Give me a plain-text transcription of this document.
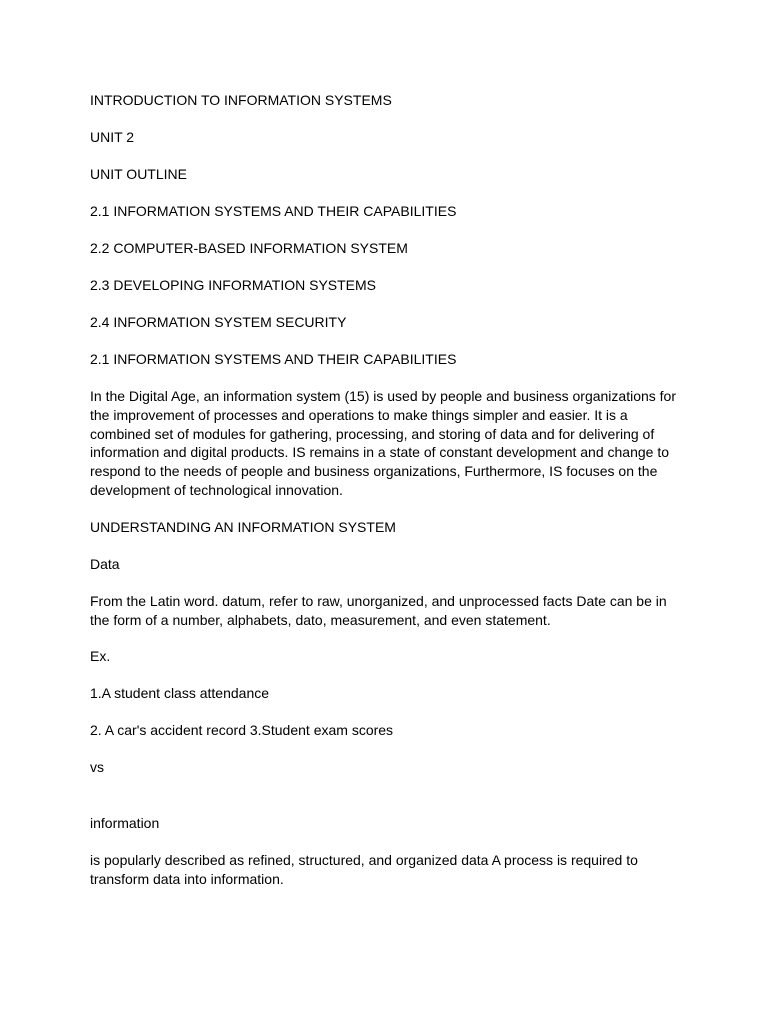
INTRODUCTION TO INFORMATION SYSTEMS
UNIT 2
UNIT OUTLINE
2.1 INFORMATION SYSTEMS AND THEIR CAPABILITIES
2.2 COMPUTER-BASED INFORMATION SYSTEM
2.3 DEVELOPING INFORMATION SYSTEMS
2.4 INFORMATION SYSTEM SECURITY
2.1 INFORMATION SYSTEMS AND THEIR CAPABILITIES
In the Digital Age, an information system (15) is used by people and business organizations for
the improvement of processes and operations to make things simpler and easier. It is a
combined set of modules for gathering, processing, and storing of data and for delivering of
information and digital products. IS remains in a state of constant development and change to
respond to the needs of people and business organizations, Furthermore, IS focuses on the
development of technological innovation.
UNDERSTANDING AN INFORMATION SYSTEM
Data
From the Latin word. datum, refer to raw, unorganized, and unprocessed facts Date can be in
the form of a number, alphabets, dato, measurement, and even statement.
Ex.
1.A student class attendance
2. A car's accident record 3.Student exam scores
vs
information
is popularly described as refined, structured, and organized data A process is required to
transform data into information.
